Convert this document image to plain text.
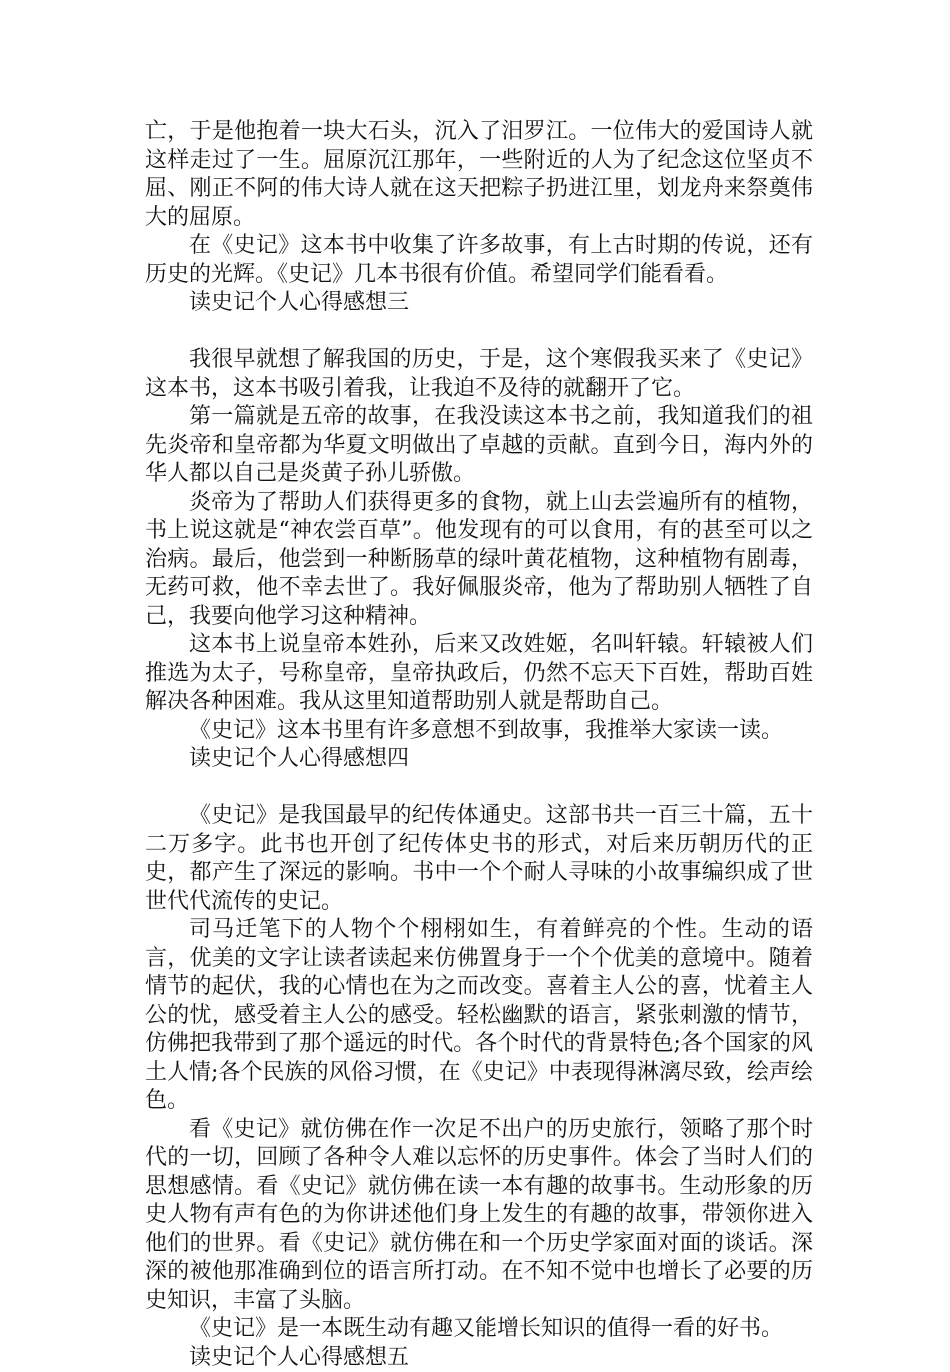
亡，于是他抱着一块大石头，沉入了汨罗江。一位伟大的爱国诗人就这样走过了一生。屈原沉江那年，一些附近的人为了纪念这位坚贞不屈、刚正不阿的伟大诗人就在这天把粽子扔进江里，划龙舟来祭奠伟大的屈原。

在《史记》这本书中收集了许多故事，有上古时期的传说，还有历史的光辉。《史记》几本书很有价值。希望同学们能看看。

读史记个人心得感想三

我很早就想了解我国的历史，于是，这个寒假我买来了《史记》这本书，这本书吸引着我，让我迫不及待的就翻开了它。

第一篇就是五帝的故事，在我没读这本书之前，我知道我们的祖先炎帝和皇帝都为华夏文明做出了卓越的贡献。直到今日，海内外的华人都以自己是炎黄子孙儿骄傲。

炎帝为了帮助人们获得更多的食物，就上山去尝遍所有的植物，书上说这就是“神农尝百草”。他发现有的可以食用，有的甚至可以之治病。最后，他尝到一种断肠草的绿叶黄花植物，这种植物有剧毒，无药可救，他不幸去世了。我好佩服炎帝，他为了帮助别人牺牲了自己，我要向他学习这种精神。

这本书上说皇帝本姓孙，后来又改姓姬，名叫轩辕。轩辕被人们推选为太子，号称皇帝，皇帝执政后，仍然不忘天下百姓，帮助百姓解决各种困难。我从这里知道帮助别人就是帮助自己。

《史记》这本书里有许多意想不到故事，我推举大家读一读。

读史记个人心得感想四

《史记》是我国最早的纪传体通史。这部书共一百三十篇，五十二万多字。此书也开创了纪传体史书的形式，对后来历朝历代的正史，都产生了深远的影响。书中一个个耐人寻味的小故事编织成了世世代代流传的史记。

司马迁笔下的人物个个栩栩如生，有着鲜亮的个性。生动的语言，优美的文字让读者读起来仿佛置身于一个个优美的意境中。随着情节的起伏，我的心情也在为之而改变。喜着主人公的喜，忧着主人公的忧，感受着主人公的感受。轻松幽默的语言，紧张刺激的情节，仿佛把我带到了那个遥远的时代。各个时代的背景特色;各个国家的风土人情;各个民族的风俗习惯，在《史记》中表现得淋漓尽致，绘声绘色。

看《史记》就仿佛在作一次足不出户的历史旅行，领略了那个时代的一切，回顾了各种令人难以忘怀的历史事件。体会了当时人们的思想感情。看《史记》就仿佛在读一本有趣的故事书。生动形象的历史人物有声有色的为你讲述他们身上发生的有趣的故事，带领你进入他们的世界。看《史记》就仿佛在和一个历史学家面对面的谈话。深深的被他那准确到位的语言所打动。在不知不觉中也增长了必要的历史知识，丰富了头脑。

《史记》是一本既生动有趣又能增长知识的值得一看的好书。

读史记个人心得感想五
